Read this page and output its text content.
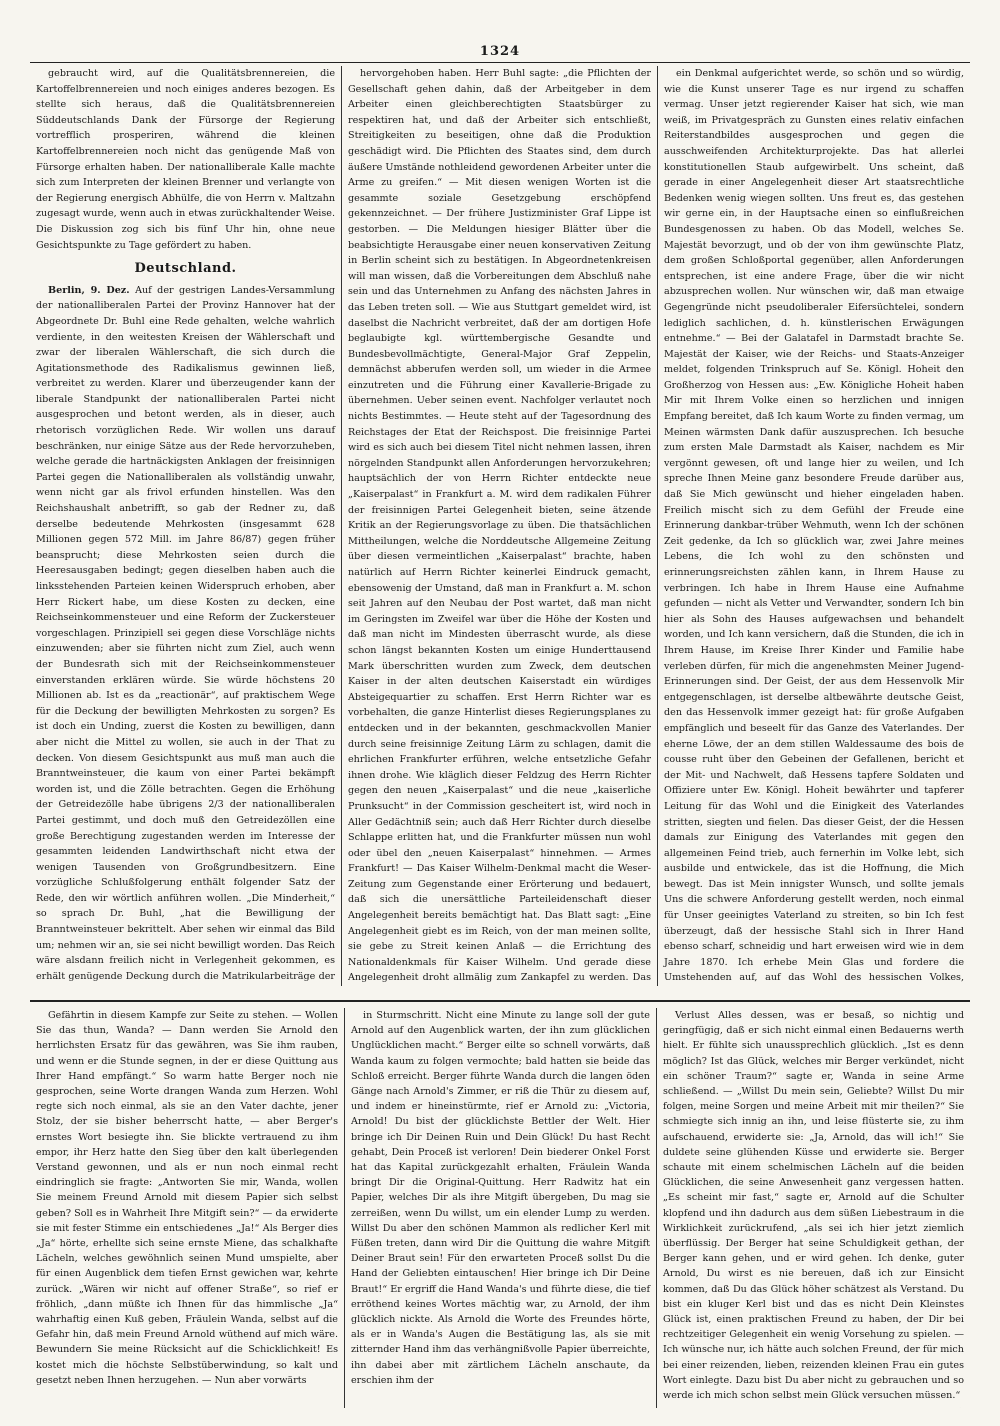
1324

gebraucht wird, auf die Qualitätsbrennereien, die Kartoffelbrennereien und noch einiges anderes bezogen. Es stellte sich heraus, daß die Qualitätsbrennereien Süddeutschlands Dank der Fürsorge der Regierung vortrefflich prosperiren, während die kleinen Kartoffelbrennereien noch nicht das genügende Maß von Fürsorge erhalten haben. Der nationalliberale Kalle machte sich zum Interpreten der kleinen Brenner und verlangte von der Regierung energisch Abhülfe, die von Herrn v. Maltzahn zugesagt wurde, wenn auch in etwas zurückhaltender Weise. Die Diskussion zog sich bis fünf Uhr hin, ohne neue Gesichtspunkte zu Tage gefördert zu haben.

Deutschland.

Berlin, 9. Dez. Auf der gestrigen Landes-Versammlung der nationalliberalen Partei der Provinz Hannover hat der Abgeordnete Dr. Buhl eine Rede gehalten, welche wahrlich verdiente, in den weitesten Kreisen der Wählerschaft und zwar der liberalen Wählerschaft, die sich durch die Agitationsmethode des Radikalismus gewinnen ließ, verbreitet zu werden. Klarer und überzeugender kann der liberale Standpunkt der nationalliberalen Partei nicht ausgesprochen und betont werden, als in dieser, auch rhetorisch vorzüglichen Rede. Wir wollen uns darauf beschränken, nur einige Sätze aus der Rede hervorzuheben, welche gerade die hartnäckigsten Anklagen der freisinnigen Partei gegen die Nationalliberalen als vollständig unwahr, wenn nicht gar als frivol erfunden hinstellen. Was den Reichshaushalt anbetrifft, so gab der Redner zu, daß derselbe bedeutende Mehrkosten (insgesammt 628 Millionen gegen 572 Mill. im Jahre 86/87) gegen früher beansprucht; diese Mehrkosten seien durch die Heeresausgaben bedingt; gegen dieselben haben auch die linksstehenden Parteien keinen Widerspruch erhoben, aber Herr Rickert habe, um diese Kosten zu decken, eine Reichseinkommensteuer und eine Reform der Zuckersteuer vorgeschlagen. Prinzipiell sei gegen diese Vorschläge nichts einzuwenden; aber sie führten nicht zum Ziel, auch wenn der Bundesrath sich mit der Reichseinkommensteuer einverstanden erklären würde. Sie würde höchstens 20 Millionen ab. Ist es da „reactionär“, auf praktischem Wege für die Deckung der bewilligten Mehrkosten zu sorgen? Es ist doch ein Unding, zuerst die Kosten zu bewilligen, dann aber nicht die Mittel zu wollen, sie auch in der That zu decken. Von diesem Gesichtspunkt aus muß man auch die Branntweinsteuer, die kaum von einer Partei bekämpft worden ist, und die Zölle betrachten. Gegen die Erhöhung der Getreidezölle habe übrigens 2/3 der nationalliberalen Partei gestimmt, und doch muß den Getreidezöllen eine große Berechtigung zugestanden werden im Interesse der gesammten leidenden Landwirthschaft nicht etwa der wenigen Tausenden von Großgrundbesitzern. Eine vorzügliche Schlußfolgerung enthält folgender Satz der Rede, den wir wörtlich anführen wollen. „Die Minderheit,“ so sprach Dr. Buhl, „hat die Bewilligung der Branntweinsteuer bekrittelt. Aber sehen wir einmal das Bild um; nehmen wir an, sie sei nicht bewilligt worden. Das Reich wäre alsdann freilich nicht in Verlegenheit gekommen, es erhält genügende Deckung durch die Matrikularbeiträge der

hervorgehoben haben. Herr Buhl sagte: „die Pflichten der Gesellschaft gehen dahin, daß der Arbeitgeber in dem Arbeiter einen gleichberechtigten Staatsbürger zu respektiren hat, und daß der Arbeiter sich entschließt, Streitigkeiten zu beseitigen, ohne daß die Produktion geschädigt wird. Die Pflichten des Staates sind, dem durch äußere Umstände nothleidend gewordenen Arbeiter unter die Arme zu greifen.“ — Mit diesen wenigen Worten ist die gesammte soziale Gesetzgebung erschöpfend gekennzeichnet. — Der frühere Justizminister Graf Lippe ist gestorben. — Die Meldungen hiesiger Blätter über die beabsichtigte Herausgabe einer neuen konservativen Zeitung in Berlin scheint sich zu bestätigen. In Abgeordnetenkreisen will man wissen, daß die Vorbereitungen dem Abschluß nahe sein und das Unternehmen zu Anfang des nächsten Jahres in das Leben treten soll. — Wie aus Stuttgart gemeldet wird, ist daselbst die Nachricht verbreitet, daß der am dortigen Hofe beglaubigte kgl. württembergische Gesandte und Bundesbevollmächtigte, General-Major Graf Zeppelin, demnächst abberufen werden soll, um wieder in die Armee einzutreten und die Führung einer Kavallerie-Brigade zu übernehmen. Ueber seinen event. Nachfolger verlautet noch nichts Bestimmtes. — Heute steht auf der Tagesordnung des Reichstages der Etat der Reichspost. Die freisinnige Partei wird es sich auch bei diesem Titel nicht nehmen lassen, ihren nörgelnden Standpunkt allen Anforderungen hervorzukehren; hauptsächlich der von Herrn Richter entdeckte neue „Kaiserpalast“ in Frankfurt a. M. wird dem radikalen Führer der freisinnigen Partei Gelegenheit bieten, seine ätzende Kritik an der Regierungsvorlage zu üben. Die thatsächlichen Mittheilungen, welche die Norddeutsche Allgemeine Zeitung über diesen vermeintlichen „Kaiserpalast“ brachte, haben natürlich auf Herrn Richter keinerlei Eindruck gemacht, ebensowenig der Umstand, daß man in Frankfurt a. M. schon seit Jahren auf den Neubau der Post wartet, daß man nicht im Geringsten im Zweifel war über die Höhe der Kosten und daß man nicht im Mindesten überrascht wurde, als diese schon längst bekannten Kosten um einige Hunderttausend Mark überschritten wurden zum Zweck, dem deutschen Kaiser in der alten deutschen Kaiserstadt ein würdiges Absteigequartier zu schaffen. Erst Herrn Richter war es vorbehalten, die ganze Hinterlist dieses Regierungsplanes zu entdecken und in der bekannten, geschmackvollen Manier durch seine freisinnige Zeitung Lärm zu schlagen, damit die ehrlichen Frankfurter erführen, welche entsetzliche Gefahr ihnen drohe. Wie kläglich dieser Feldzug des Herrn Richter gegen den neuen „Kaiserpalast“ und die neue „kaiserliche Prunksucht“ in der Commission gescheitert ist, wird noch in Aller Gedächtniß sein; auch daß Herr Richter durch dieselbe Schlappe erlitten hat, und die Frankfurter müssen nun wohl oder übel den „neuen Kaiserpalast“ hinnehmen. — Armes Frankfurt! — Das Kaiser Wilhelm-Denkmal macht die Weser-Zeitung zum Gegenstande einer Erörterung und bedauert, daß sich die unersättliche Parteileidenschaft dieser Angelegenheit bereits bemächtigt hat. Das Blatt sagt: „Eine Angelegenheit giebt es im Reich, von der man meinen sollte, sie gebe zu Streit keinen Anlaß — die Errichtung des Nationaldenkmals für Kaiser Wilhelm. Und gerade diese Angelegenheit droht allmälig zum Zankapfel zu werden. Das

ein Denkmal aufgerichtet werde, so schön und so würdig, wie die Kunst unserer Tage es nur irgend zu schaffen vermag. Unser jetzt regierender Kaiser hat sich, wie man weiß, im Privatgespräch zu Gunsten eines relativ einfachen Reiterstandbildes ausgesprochen und gegen die ausschweifenden Architekturprojekte. Das hat allerlei konstitutionellen Staub aufgewirbelt. Uns scheint, daß gerade in einer Angelegenheit dieser Art staatsrechtliche Bedenken wenig wiegen sollten. Uns freut es, das gestehen wir gerne ein, in der Hauptsache einen so einflußreichen Bundesgenossen zu haben. Ob das Modell, welches Se. Majestät bevorzugt, und ob der von ihm gewünschte Platz, dem großen Schloßportal gegenüber, allen Anforderungen entsprechen, ist eine andere Frage, über die wir nicht abzusprechen wollen. Nur wünschen wir, daß man etwaige Gegengründe nicht pseudoliberaler Eifersüchtelei, sondern lediglich sachlichen, d. h. künstlerischen Erwägungen entnehme.“ — Bei der Galatafel in Darmstadt brachte Se. Majestät der Kaiser, wie der Reichs- und Staats-Anzeiger meldet, folgenden Trinkspruch auf Se. Königl. Hoheit den Großherzog von Hessen aus: „Ew. Königliche Hoheit haben Mir mit Ihrem Volke einen so herzlichen und innigen Empfang bereitet, daß Ich kaum Worte zu finden vermag, um Meinen wärmsten Dank dafür auszusprechen. Ich besuche zum ersten Male Darmstadt als Kaiser, nachdem es Mir vergönnt gewesen, oft und lange hier zu weilen, und Ich spreche Ihnen Meine ganz besondere Freude darüber aus, daß Sie Mich gewünscht und hieher eingeladen haben. Freilich mischt sich zu dem Gefühl der Freude eine Erinnerung dankbar-trüber Wehmuth, wenn Ich der schönen Zeit gedenke, da Ich so glücklich war, zwei Jahre meines Lebens, die Ich wohl zu den schönsten und erinnerungsreichsten zählen kann, in Ihrem Hause zu verbringen. Ich habe in Ihrem Hause eine Aufnahme gefunden — nicht als Vetter und Verwandter, sondern Ich bin hier als Sohn des Hauses aufgewachsen und behandelt worden, und Ich kann versichern, daß die Stunden, die ich in Ihrem Hause, im Kreise Ihrer Kinder und Familie habe verleben dürfen, für mich die angenehmsten Meiner Jugend-Erinnerungen sind. Der Geist, der aus dem Hessenvolk Mir entgegenschlagen, ist derselbe altbewährte deutsche Geist, den das Hessenvolk immer gezeigt hat: für große Aufgaben empfänglich und beseelt für das Ganze des Vaterlandes. Der eherne Löwe, der an dem stillen Waldessaume des bois de cousse ruht über den Gebeinen der Gefallenen, bericht et der Mit- und Nachwelt, daß Hessens tapfere Soldaten und Offiziere unter Ew. Königl. Hoheit bewährter und tapferer Leitung für das Wohl und die Einigkeit des Vaterlandes stritten, siegten und fielen. Das dieser Geist, der die Hessen damals zur Einigung des Vaterlandes mit gegen den allgemeinen Feind trieb, auch fernerhin im Volke lebt, sich ausbilde und entwickele, das ist die Hoffnung, die Mich bewegt. Das ist Mein innigster Wunsch, und sollte jemals Uns die schwere Anforderung gestellt werden, noch einmal für Unser geeinigtes Vaterland zu streiten, so bin Ich fest überzeugt, daß der hessische Stahl sich in Ihrer Hand ebenso scharf, schneidig und hart erweisen wird wie in dem Jahre 1870. Ich erhebe Mein Glas und fordere die Umstehenden auf, auf das Wohl des hessischen Volkes,

Gefährtin in diesem Kampfe zur Seite zu stehen. — Wollen Sie das thun, Wanda? — Dann werden Sie Arnold den herrlichsten Ersatz für das gewähren, was Sie ihm rauben, und wenn er die Stunde segnen, in der er diese Quittung aus Ihrer Hand empfängt.“ So warm hatte Berger noch nie gesprochen, seine Worte drangen Wanda zum Herzen. Wohl regte sich noch einmal, als sie an den Vater dachte, jener Stolz, der sie bisher beherrscht hatte, — aber Berger's ernstes Wort besiegte ihn. Sie blickte vertrauend zu ihm empor, ihr Herz hatte den Sieg über den kalt überlegenden Verstand gewonnen, und als er nun noch einmal recht eindringlich sie fragte: „Antworten Sie mir, Wanda, wollen Sie meinem Freund Arnold mit diesem Papier sich selbst geben? Soll es in Wahrheit Ihre Mitgift sein?“ — da erwiderte sie mit fester Stimme ein entschiedenes „Ja!“ Als Berger dies „Ja“ hörte, erhellte sich seine ernste Miene, das schalkhafte Lächeln, welches gewöhnlich seinen Mund umspielte, aber für einen Augenblick dem tiefen Ernst gewichen war, kehrte zurück. „Wären wir nicht auf offener Straße“, so rief er fröhlich, „dann müßte ich Ihnen für das himmlische „Ja“ wahrhaftig einen Kuß geben, Fräulein Wanda, selbst auf die Gefahr hin, daß mein Freund Arnold wüthend auf mich wäre. Bewundern Sie meine Rücksicht auf die Schicklichkeit! Es kostet mich die höchste Selbstüberwindung, so kalt und gesetzt neben Ihnen herzugehen. — Nun aber vorwärts

in Sturmschritt. Nicht eine Minute zu lange soll der gute Arnold auf den Augenblick warten, der ihn zum glücklichen Unglücklichen macht.“ Berger eilte so schnell vorwärts, daß Wanda kaum zu folgen vermochte; bald hatten sie beide das Schloß erreicht. Berger führte Wanda durch die langen öden Gänge nach Arnold's Zimmer, er riß die Thür zu diesem auf, und indem er hineinstürmte, rief er Arnold zu: „Victoria, Arnold! Du bist der glücklichste Bettler der Welt. Hier bringe ich Dir Deinen Ruin und Dein Glück! Du hast Recht gehabt, Dein Proceß ist verloren! Dein biederer Onkel Forst hat das Kapital zurückgezahlt erhalten, Fräulein Wanda bringt Dir die Original-Quittung. Herr Radwitz hat ein Papier, welches Dir als ihre Mitgift übergeben, Du mag sie zerreißen, wenn Du willst, um ein elender Lump zu werden. Willst Du aber den schönen Mammon als redlicher Kerl mit Füßen treten, dann wird Dir die Quittung die wahre Mitgift Deiner Braut sein! Für den erwarteten Proceß sollst Du die Hand der Geliebten eintauschen! Hier bringe ich Dir Deine Braut!“ Er ergriff die Hand Wanda's und führte diese, die tief erröthend keines Wortes mächtig war, zu Arnold, der ihm glücklich nickte. Als Arnold die Worte des Freundes hörte, als er in Wanda's Augen die Bestätigung las, als sie mit zitternder Hand ihm das verhängnißvolle Papier überreichte, ihn dabei aber mit zärtlichem Lächeln anschaute, da erschien ihm der

Verlust Alles dessen, was er besaß, so nichtig und geringfügig, daß er sich nicht einmal einen Bedauerns werth hielt. Er fühlte sich unaussprechlich glücklich. „Ist es denn möglich? Ist das Glück, welches mir Berger verkündet, nicht ein schöner Traum?“ sagte er, Wanda in seine Arme schließend. — „Willst Du mein sein, Geliebte? Willst Du mir folgen, meine Sorgen und meine Arbeit mit mir theilen?“ Sie schmiegte sich innig an ihn, und leise flüsterte sie, zu ihm aufschauend, erwiderte sie: „Ja, Arnold, das will ich!“ Sie duldete seine glühenden Küsse und erwiderte sie. Berger schaute mit einem schelmischen Lächeln auf die beiden Glücklichen, die seine Anwesenheit ganz vergessen hatten. „Es scheint mir fast,“ sagte er, Arnold auf die Schulter klopfend und ihn dadurch aus dem süßen Liebestraum in die Wirklichkeit zurückrufend, „als sei ich hier jetzt ziemlich überflüssig. Der Berger hat seine Schuldigkeit gethan, der Berger kann gehen, und er wird gehen. Ich denke, guter Arnold, Du wirst es nie bereuen, daß ich zur Einsicht kommen, daß Du das Glück höher schätzest als Verstand. Du bist ein kluger Kerl bist und das es nicht Dein Kleinstes Glück ist, einen praktischen Freund zu haben, der Dir bei rechtzeitiger Gelegenheit ein wenig Vorsehung zu spielen. — Ich wünsche nur, ich hätte auch solchen Freund, der für mich bei einer reizenden, lieben, reizenden kleinen Frau ein gutes Wort einlegte. Dazu bist Du aber nicht zu gebrauchen und so werde ich mich schon selbst mein Glück versuchen müssen.“
